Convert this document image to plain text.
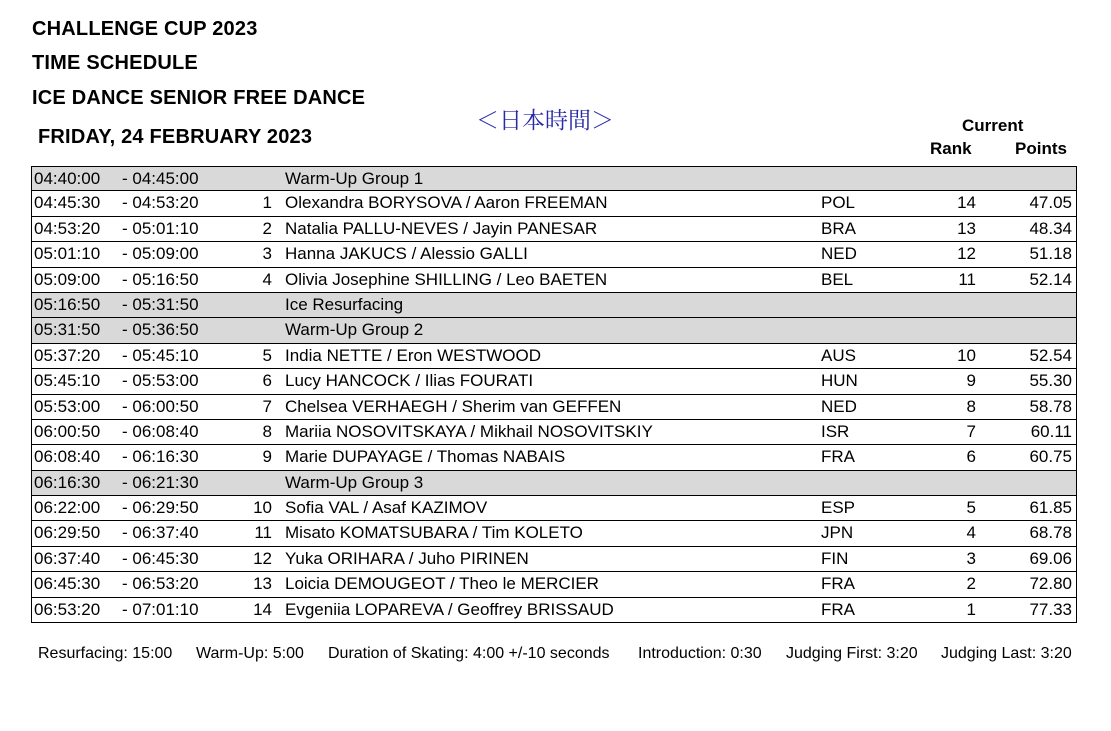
CHALLENGE CUP 2023
TIME SCHEDULE
ICE DANCE SENIOR FREE DANCE
FRIDAY, 24 FEBRUARY 2023
＜日本時間＞	Current
Rank	Points
04:40:00 - 04:45:00	Warm-Up Group 1
04:45:30 - 04:53:20	1 Olexandra BORYSOVA / Aaron FREEMAN	POL	14	47.05
04:53:20 - 05:01:10	2 Natalia PALLU-NEVES / Jayin PANESAR	BRA	13	48.34
05:01:10 - 05:09:00	3 Hanna JAKUCS / Alessio GALLI	NED	12	51.18
05:09:00 - 05:16:50	4 Olivia Josephine SHILLING / Leo BAETEN	BEL	11	52.14
05:16:50 - 05:31:50	Ice Resurfacing
05:31:50 - 05:36:50	Warm-Up Group 2
05:37:20 - 05:45:10	5 India NETTE / Eron WESTWOOD	AUS	10	52.54
05:45:10 - 05:53:00	6 Lucy HANCOCK / Ilias FOURATI	HUN	9	55.30
05:53:00 - 06:00:50	7 Chelsea VERHAEGH / Sherim van GEFFEN	NED	8	58.78
06:00:50 - 06:08:40	8 Mariia NOSOVITSKAYA / Mikhail NOSOVITSKIY	ISR	7	60.11
06:08:40 - 06:16:30	9 Marie DUPAYAGE / Thomas NABAIS	FRA	6	60.75
06:16:30 - 06:21:30	Warm-Up Group 3
06:22:00 - 06:29:50	10 Sofia VAL / Asaf KAZIMOV	ESP	5	61.85
06:29:50 - 06:37:40	11 Misato KOMATSUBARA / Tim KOLETO	JPN	4	68.78
06:37:40 - 06:45:30	12 Yuka ORIHARA / Juho PIRINEN	FIN	3	69.06
06:45:30 - 06:53:20	13 Loicia DEMOUGEOT / Theo le MERCIER	FRA	2	72.80
06:53:20 - 07:01:10	14 Evgeniia LOPAREVA / Geoffrey BRISSAUD	FRA	1	77.33
Resurfacing: 15:00 Warm-Up: 5:00 Duration of Skating: 4:00 +/-10 seconds Introduction: 0:30 Judging First: 3:20 Judging Last: 3:20
